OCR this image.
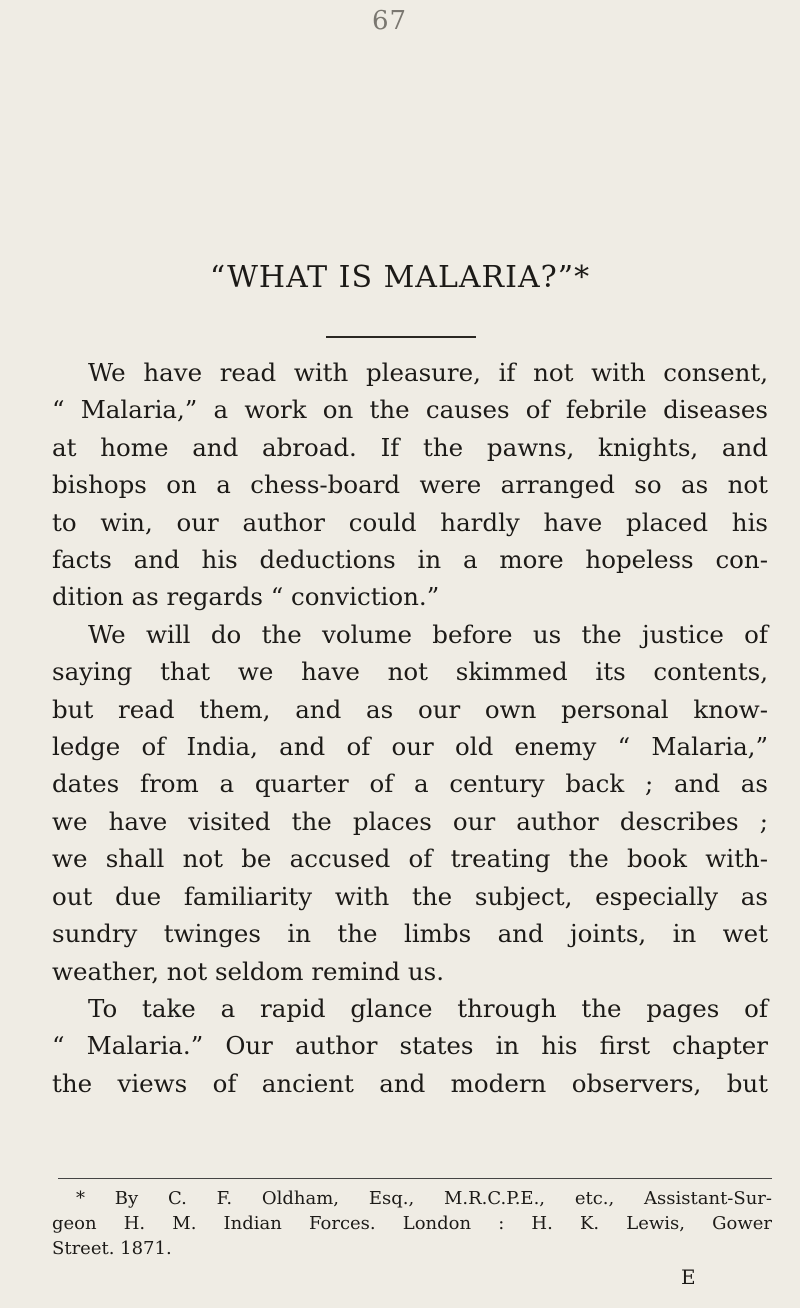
67
“WHAT IS MALARIA?”*
We have read with pleasure, if not with consent,
“ Malaria,” a work on the causes of febrile diseases
at home and abroad. If the pawns, knights, and
bishops on a chess-board were arranged so as not
to win, our author could hardly have placed his
facts and his deductions in a more hopeless con-
dition as regards “ conviction.”
We will do the volume before us the justice of
saying that we have not skimmed its contents,
but read them, and as our own personal know-
ledge of India, and of our old enemy “ Malaria,”
dates from a quarter of a century back ; and as
we have visited the places our author describes ;
we shall not be accused of treating the book with-
out due familiarity with the subject, especially as
sundry twinges in the limbs and joints, in wet
weather, not seldom remind us.
To take a rapid glance through the pages of
“ Malaria.” Our author states in his first chapter
the views of ancient and modern observers, but
* By C. F. Oldham, Esq., M.R.C.P.E., etc., Assistant-Sur-
geon H. M. Indian Forces. London : H. K. Lewis, Gower
Street. 1871.
E
